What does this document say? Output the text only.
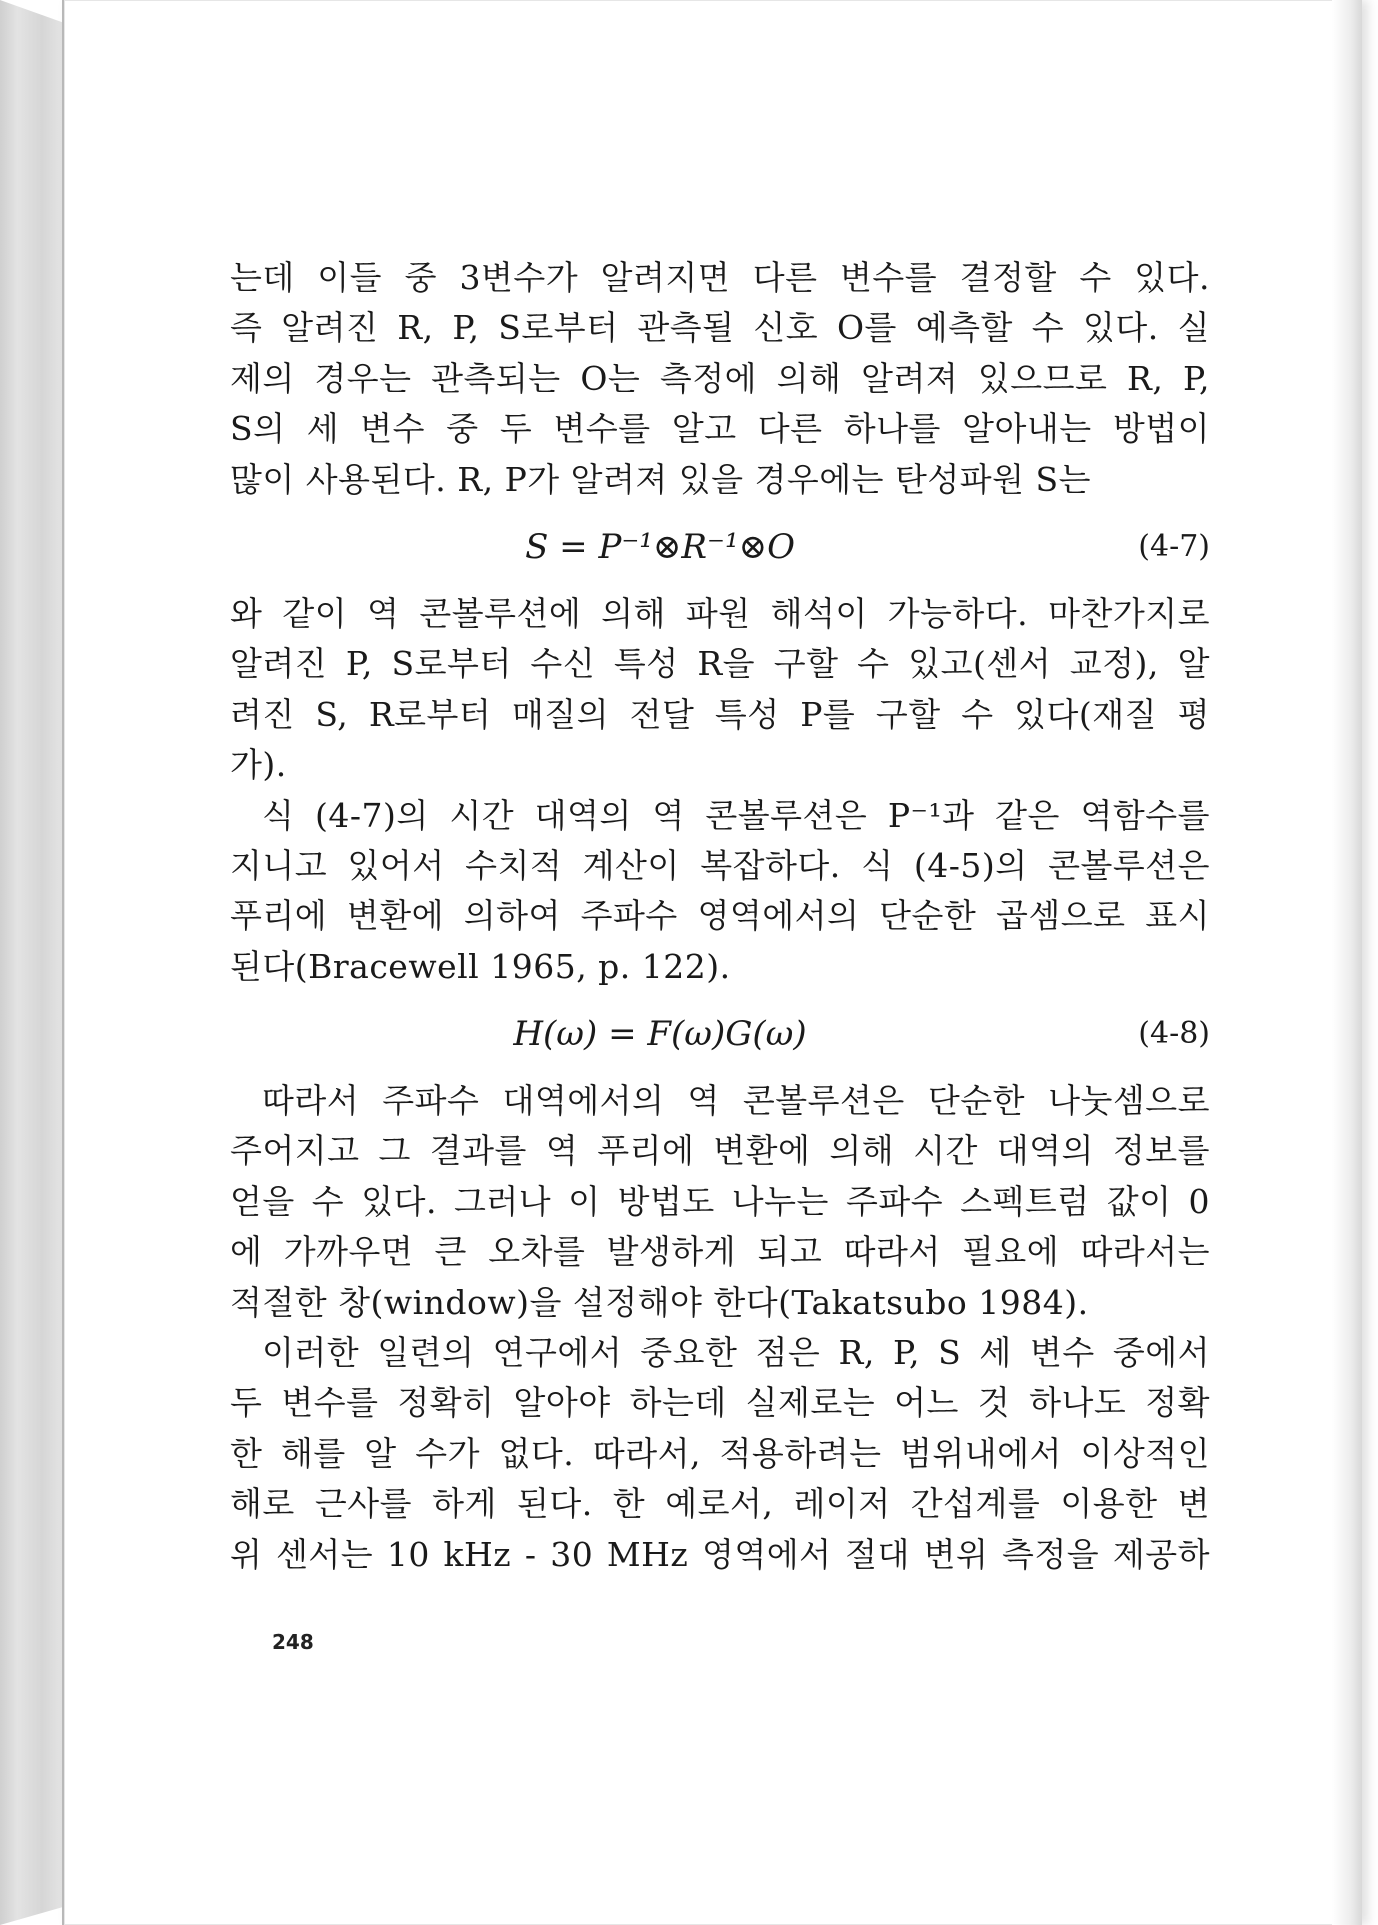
는데 이들 중 3변수가 알려지면 다른 변수를 결정할 수 있다.
즉 알려진 R, P, S로부터 관측될 신호 O를 예측할 수 있다. 실
제의 경우는 관측되는 O는 측정에 의해 알려져 있으므로 R, P,
S의 세 변수 중 두 변수를 알고 다른 하나를 알아내는 방법이
많이 사용된다. R, P가 알려져 있을 경우에는 탄성파원 S는
S = P⁻¹⊗R⁻¹⊗O	(4-7)
와 같이 역 콘볼루션에 의해 파원 해석이 가능하다. 마찬가지로
알려진 P, S로부터 수신 특성 R을 구할 수 있고(센서 교정), 알
려진 S, R로부터 매질의 전달 특성 P를 구할 수 있다(재질 평
가).
식 (4-7)의 시간 대역의 역 콘볼루션은 P⁻¹과 같은 역함수를
지니고 있어서 수치적 계산이 복잡하다. 식 (4-5)의 콘볼루션은
푸리에 변환에 의하여 주파수 영역에서의 단순한 곱셈으로 표시
된다(Bracewell 1965, p. 122).
H(ω) = F(ω)G(ω)	(4-8)
따라서 주파수 대역에서의 역 콘볼루션은 단순한 나눗셈으로
주어지고 그 결과를 역 푸리에 변환에 의해 시간 대역의 정보를
얻을 수 있다. 그러나 이 방법도 나누는 주파수 스펙트럼 값이 0
에 가까우면 큰 오차를 발생하게 되고 따라서 필요에 따라서는
적절한 창(window)을 설정해야 한다(Takatsubo 1984).
이러한 일련의 연구에서 중요한 점은 R, P, S 세 변수 중에서
두 변수를 정확히 알아야 하는데 실제로는 어느 것 하나도 정확
한 해를 알 수가 없다. 따라서, 적용하려는 범위내에서 이상적인
해로 근사를 하게 된다. 한 예로서, 레이저 간섭계를 이용한 변
위 센서는 10 kHz - 30 MHz 영역에서 절대 변위 측정을 제공하
248
